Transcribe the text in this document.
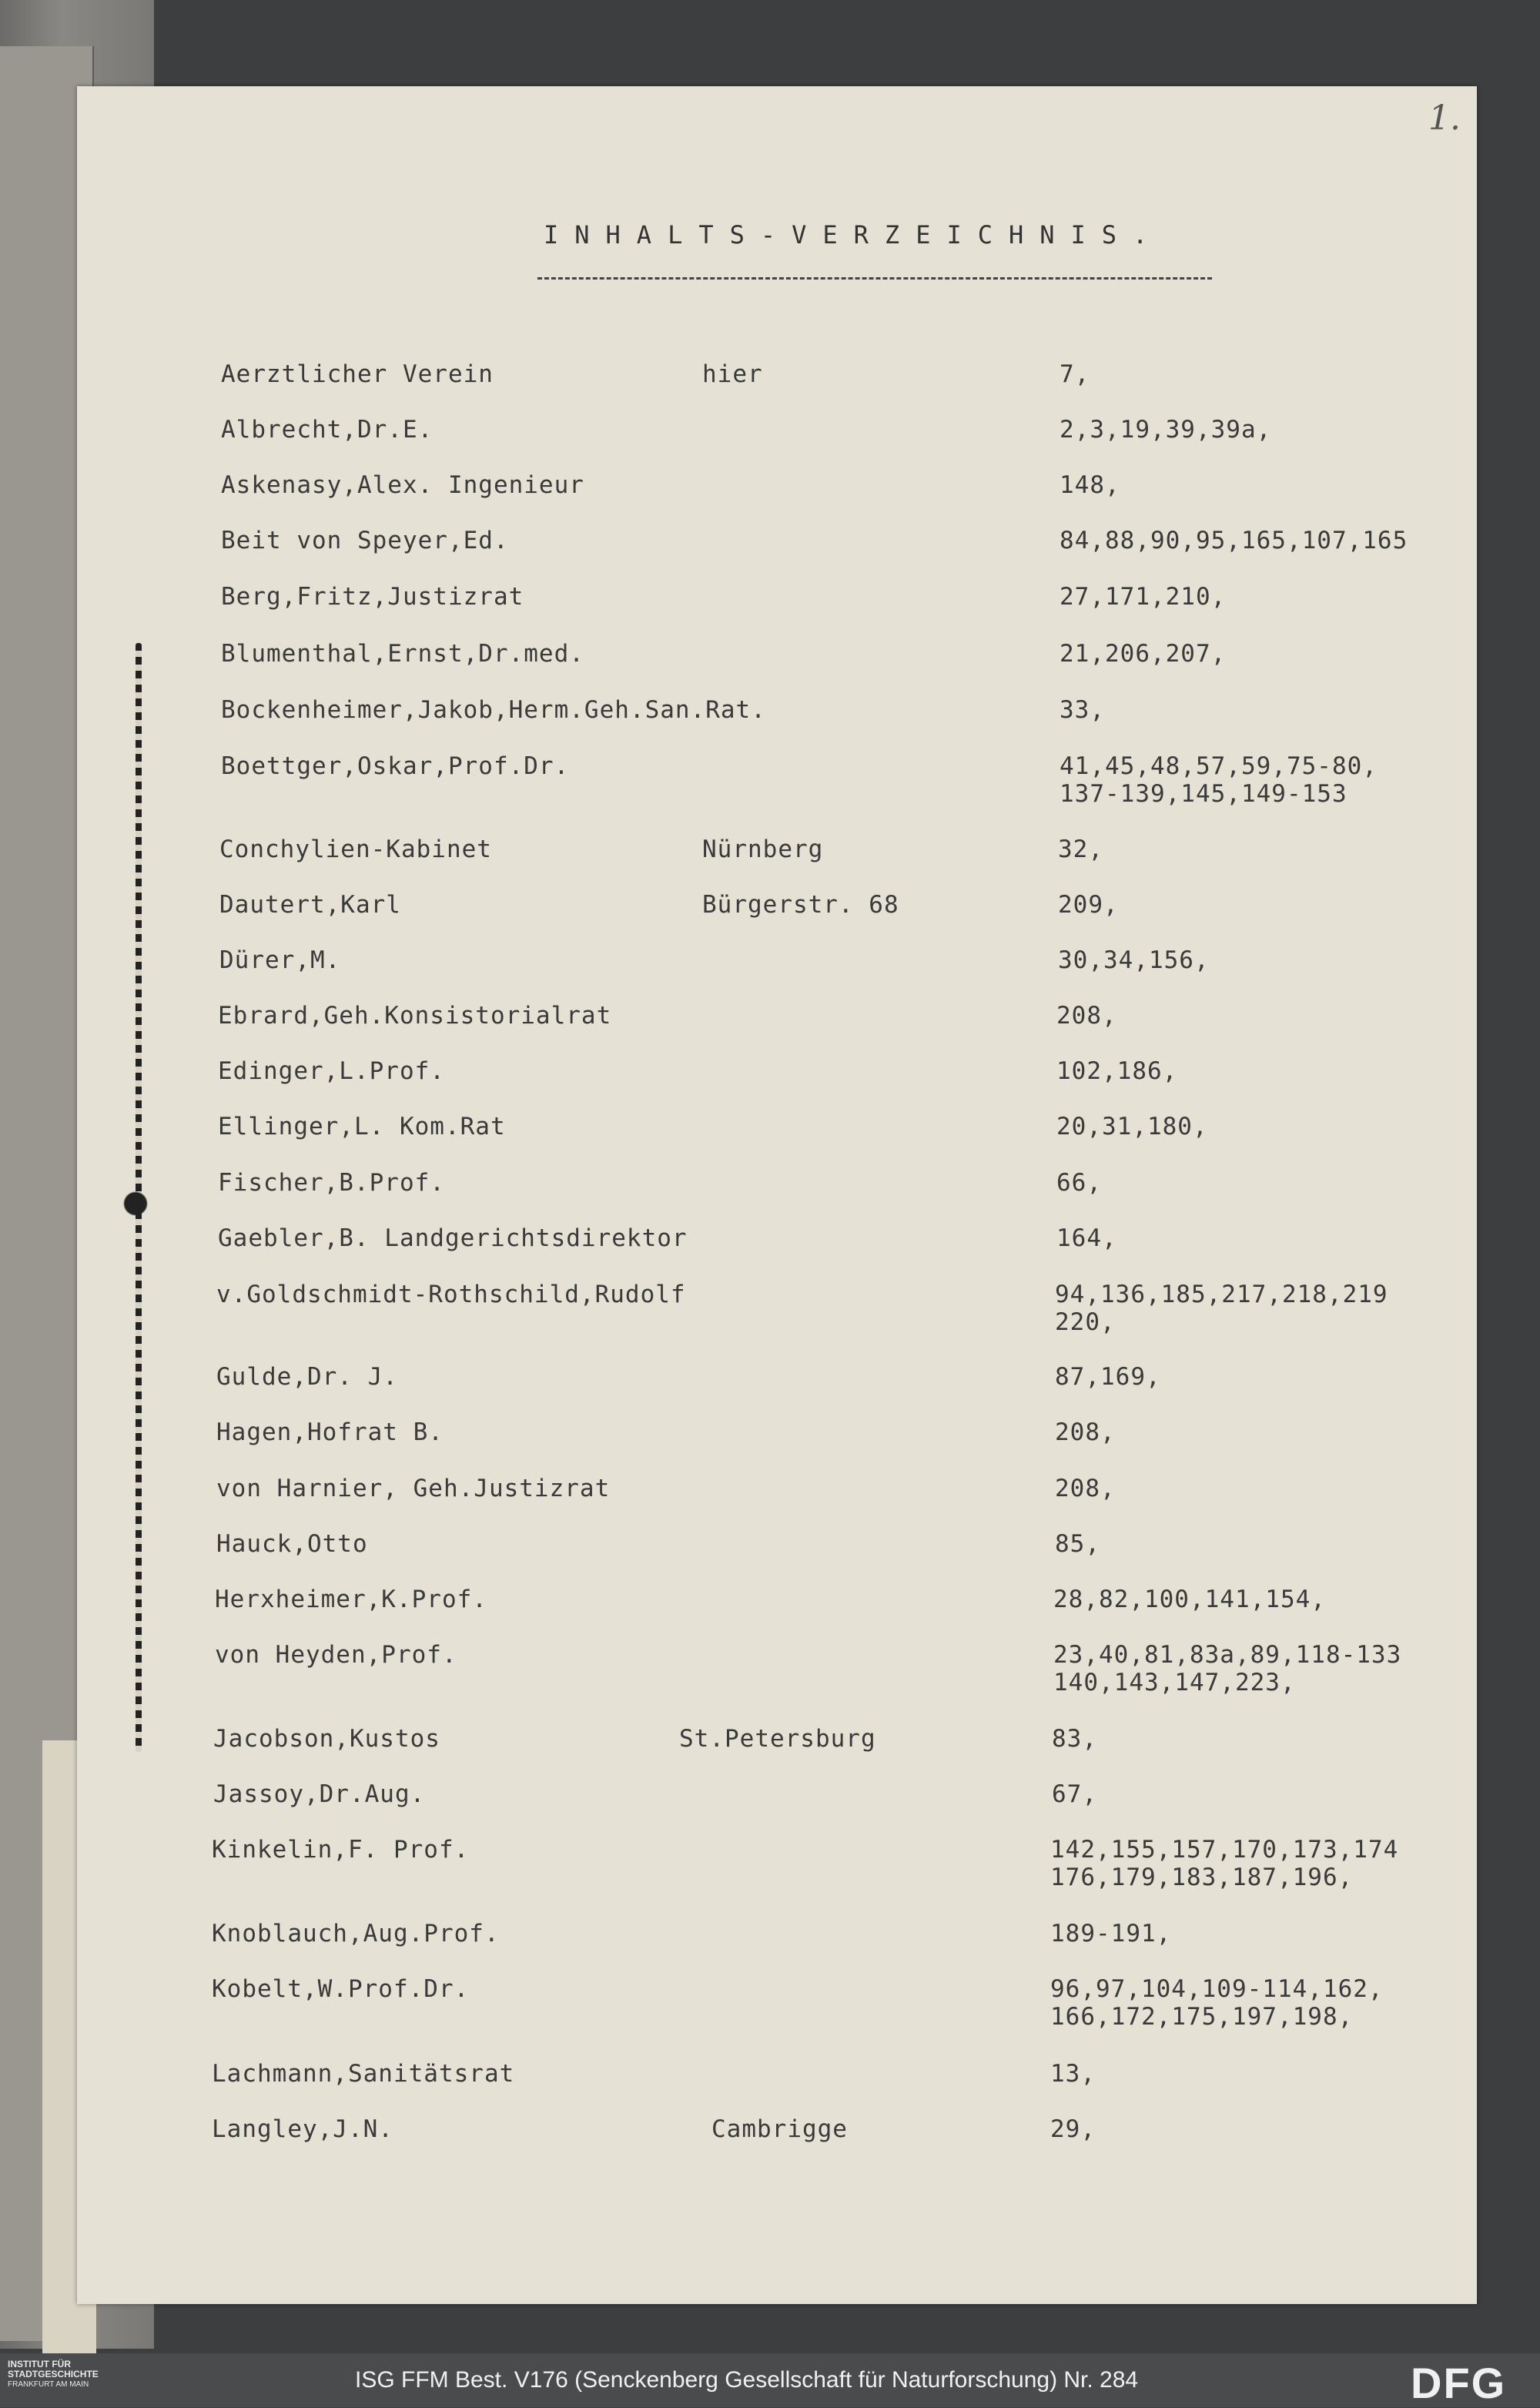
1.
INHALTS-VERZEICHNIS.
Aerztlicher Verein	hier	7,
Albrecht,Dr.E.	2,3,19,39,39a,
Askenasy,Alex. Ingenieur	148,
Beit von Speyer,Ed.	84,88,90,95,165,107,165
Berg,Fritz,Justizrat	27,171,210,
Blumenthal,Ernst,Dr.med.	21,206,207,
Bockenheimer,Jakob,Herm.Geh.San.Rat.	33,
Boettger,Oskar,Prof.Dr.	41,45,48,57,59,75-80,
137-139,145,149-153
Conchylien-Kabinet	Nürnberg	32,
Dautert,Karl	Bürgerstr. 68	209,
Dürer,M.	30,34,156,
Ebrard,Geh.Konsistorialrat	208,
Edinger,L.Prof.	102,186,
Ellinger,L. Kom.Rat	20,31,180,
Fischer,B.Prof.	66,
Gaebler,B. Landgerichtsdirektor	164,
v.Goldschmidt-Rothschild,Rudolf	94,136,185,217,218,219
220,
Gulde,Dr. J.	87,169,
Hagen,Hofrat B.	208,
von Harnier, Geh.Justizrat	208,
Hauck,Otto	85,
Herxheimer,K.Prof.	28,82,100,141,154,
von Heyden,Prof.	23,40,81,83a,89,118-133
140,143,147,223,
Jacobson,Kustos	St.Petersburg	83,
Jassoy,Dr.Aug.	67,
Kinkelin,F. Prof.	142,155,157,170,173,174
176,179,183,187,196,
Knoblauch,Aug.Prof.	189-191,
Kobelt,W.Prof.Dr.	96,97,104,109-114,162,
166,172,175,197,198,
Lachmann,Sanitätsrat	13,
Langley,J.N.	Cambrigge	29,
INSTITUT FÜR
STADTGESCHICHTE
FRANKFURT AM MAIN	ISG FFM Best. V176 (Senckenberg Gesellschaft für Naturforschung) Nr. 284	DFG
